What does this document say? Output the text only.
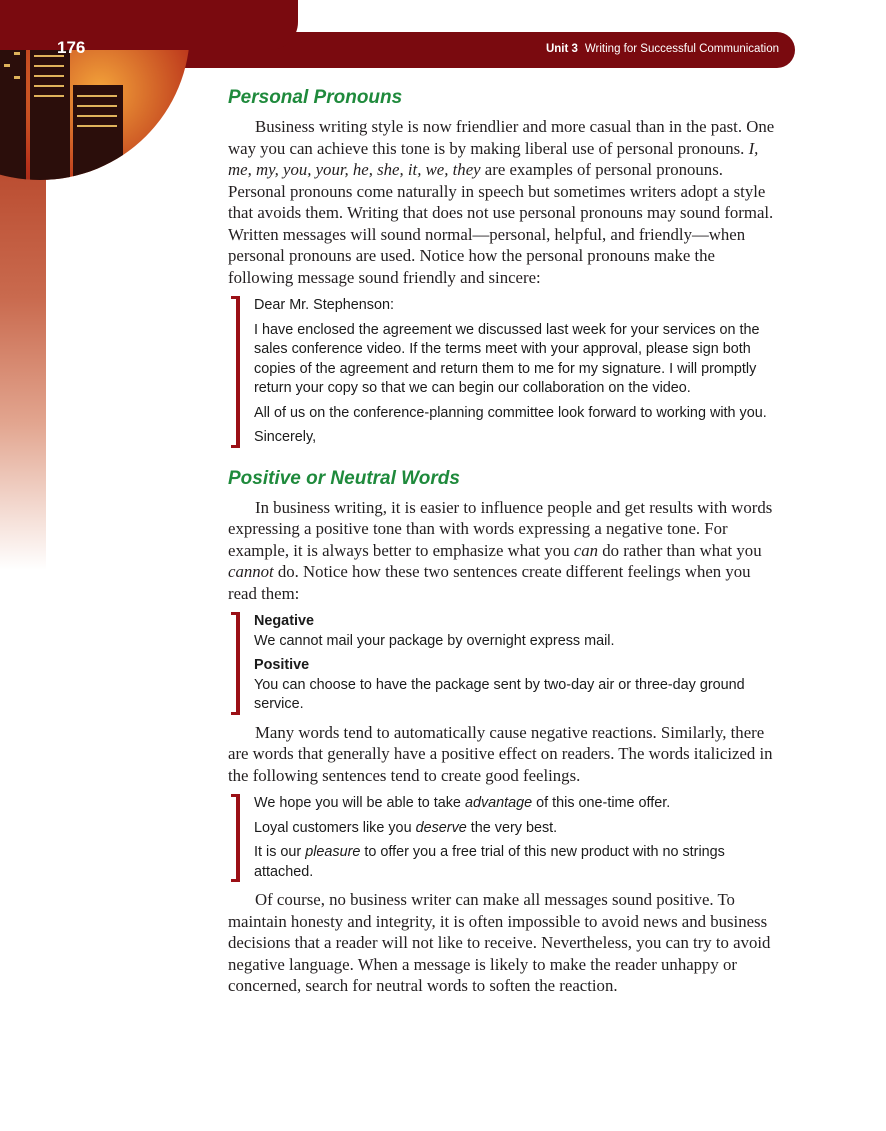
176	Unit 3 Writing for Successful Communication
Personal Pronouns

Business writing style is now friendlier and more casual than in the past. One way you can achieve this tone is by making liberal use of personal pronouns. I, me, my, you, your, he, she, it, we, they are examples of personal pronouns. Personal pronouns come naturally in speech but sometimes writers adopt a style that avoids them. Writing that does not use personal pronouns may sound formal. Written messages will sound normal—personal, helpful, and friendly—when personal pronouns are used. Notice how the personal pronouns make the following message sound friendly and sincere:

Dear Mr. Stephenson:

I have enclosed the agreement we discussed last week for your services on the sales conference video. If the terms meet with your approval, please sign both copies of the agreement and return them to me for my signature. I will promptly return your copy so that we can begin our collaboration on the video.

All of us on the conference-planning committee look forward to working with you.

Sincerely,

Positive or Neutral Words

In business writing, it is easier to influence people and get results with words expressing a positive tone than with words expressing a negative tone. For example, it is always better to emphasize what you can do rather than what you cannot do. Notice how these two sentences create different feelings when you read them:

Negative
We cannot mail your package by overnight express mail.

Positive
You can choose to have the package sent by two-day air or three-day ground service.

Many words tend to automatically cause negative reactions. Similarly, there are words that generally have a positive effect on readers. The words italicized in the following sentences tend to create good feelings.

We hope you will be able to take advantage of this one-time offer.

Loyal customers like you deserve the very best.

It is our pleasure to offer you a free trial of this new product with no strings attached.

Of course, no business writer can make all messages sound positive. To maintain honesty and integrity, it is often impossible to avoid news and business decisions that a reader will not like to receive. Nevertheless, you can try to avoid negative language. When a message is likely to make the reader unhappy or concerned, search for neutral words to soften the reaction.
